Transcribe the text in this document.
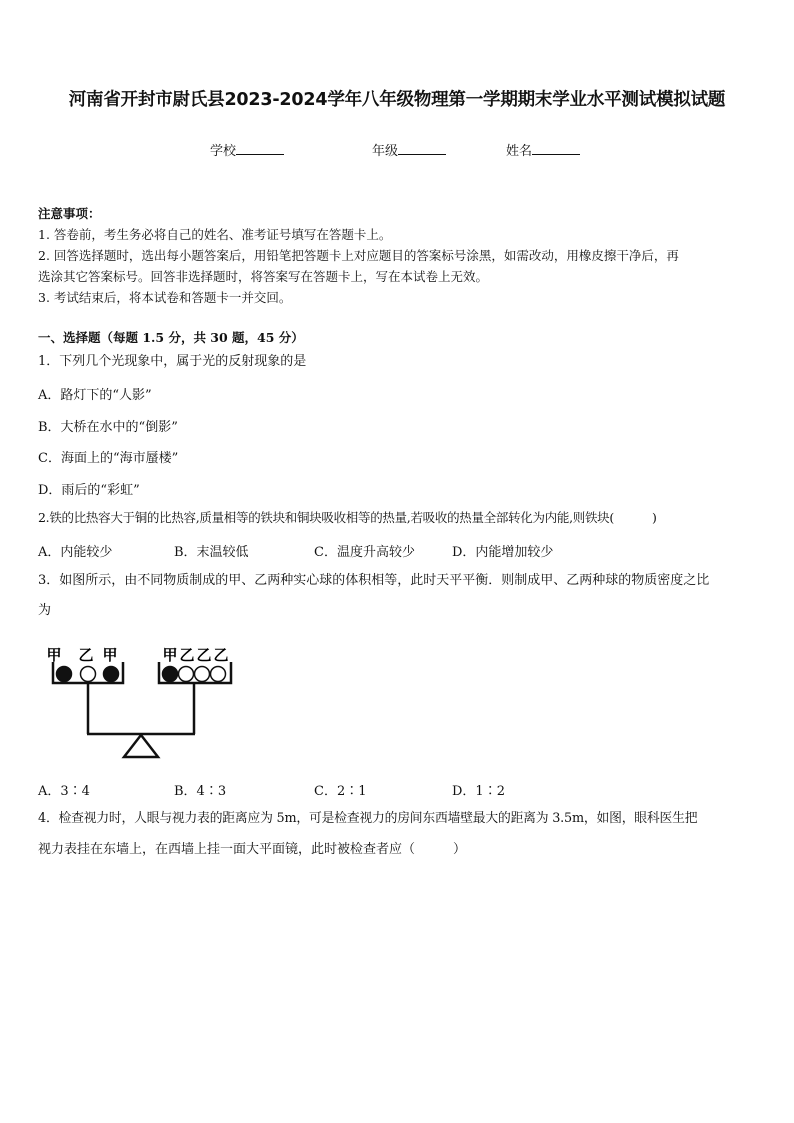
河南省开封市尉氏县2023-2024学年八年级物理第一学期期末学业水平测试模拟试题
学校	年级	姓名
注意事项：
1. 答卷前，考生务必将自己的姓名、准考证号填写在答题卡上。
2. 回答选择题时，选出每小题答案后，用铅笔把答题卡上对应题目的答案标号涂黑，如需改动，用橡皮擦干净后，再
选涂其它答案标号。回答非选择题时，将答案写在答题卡上，写在本试卷上无效。
3. 考试结束后，将本试卷和答题卡一并交回。
一、选择题（每题 1.5 分，共 30 题，45 分）
1．下列几个光现象中，属于光的反射现象的是
A．路灯下的“人影”
B．大桥在水中的“倒影”
C．海面上的“海市蜃楼”
D．雨后的“彩虹”
2.铁的比热容大于铜的比热容,质量相等的铁块和铜块吸收相等的热量,若吸收的热量全部转化为内能,则铁块(	)
A．内能较少	B．末温较低	C．温度升高较少	D．内能增加较少
3．如图所示，由不同物质制成的甲、乙两种实心球的体积相等，此时天平平衡．则制成甲、乙两种球的物质密度之比
为
甲 乙 甲	甲 乙 乙 乙
A．3∶4	B．4∶3	C．2∶1	D．1∶2
4．检查视力时，人眼与视力表的距离应为 5m，可是检查视力的房间东西墙壁最大的距离为 3.5m，如图，眼科医生把
视力表挂在东墙上，在西墙上挂一面大平面镜，此时被检查者应（	）
